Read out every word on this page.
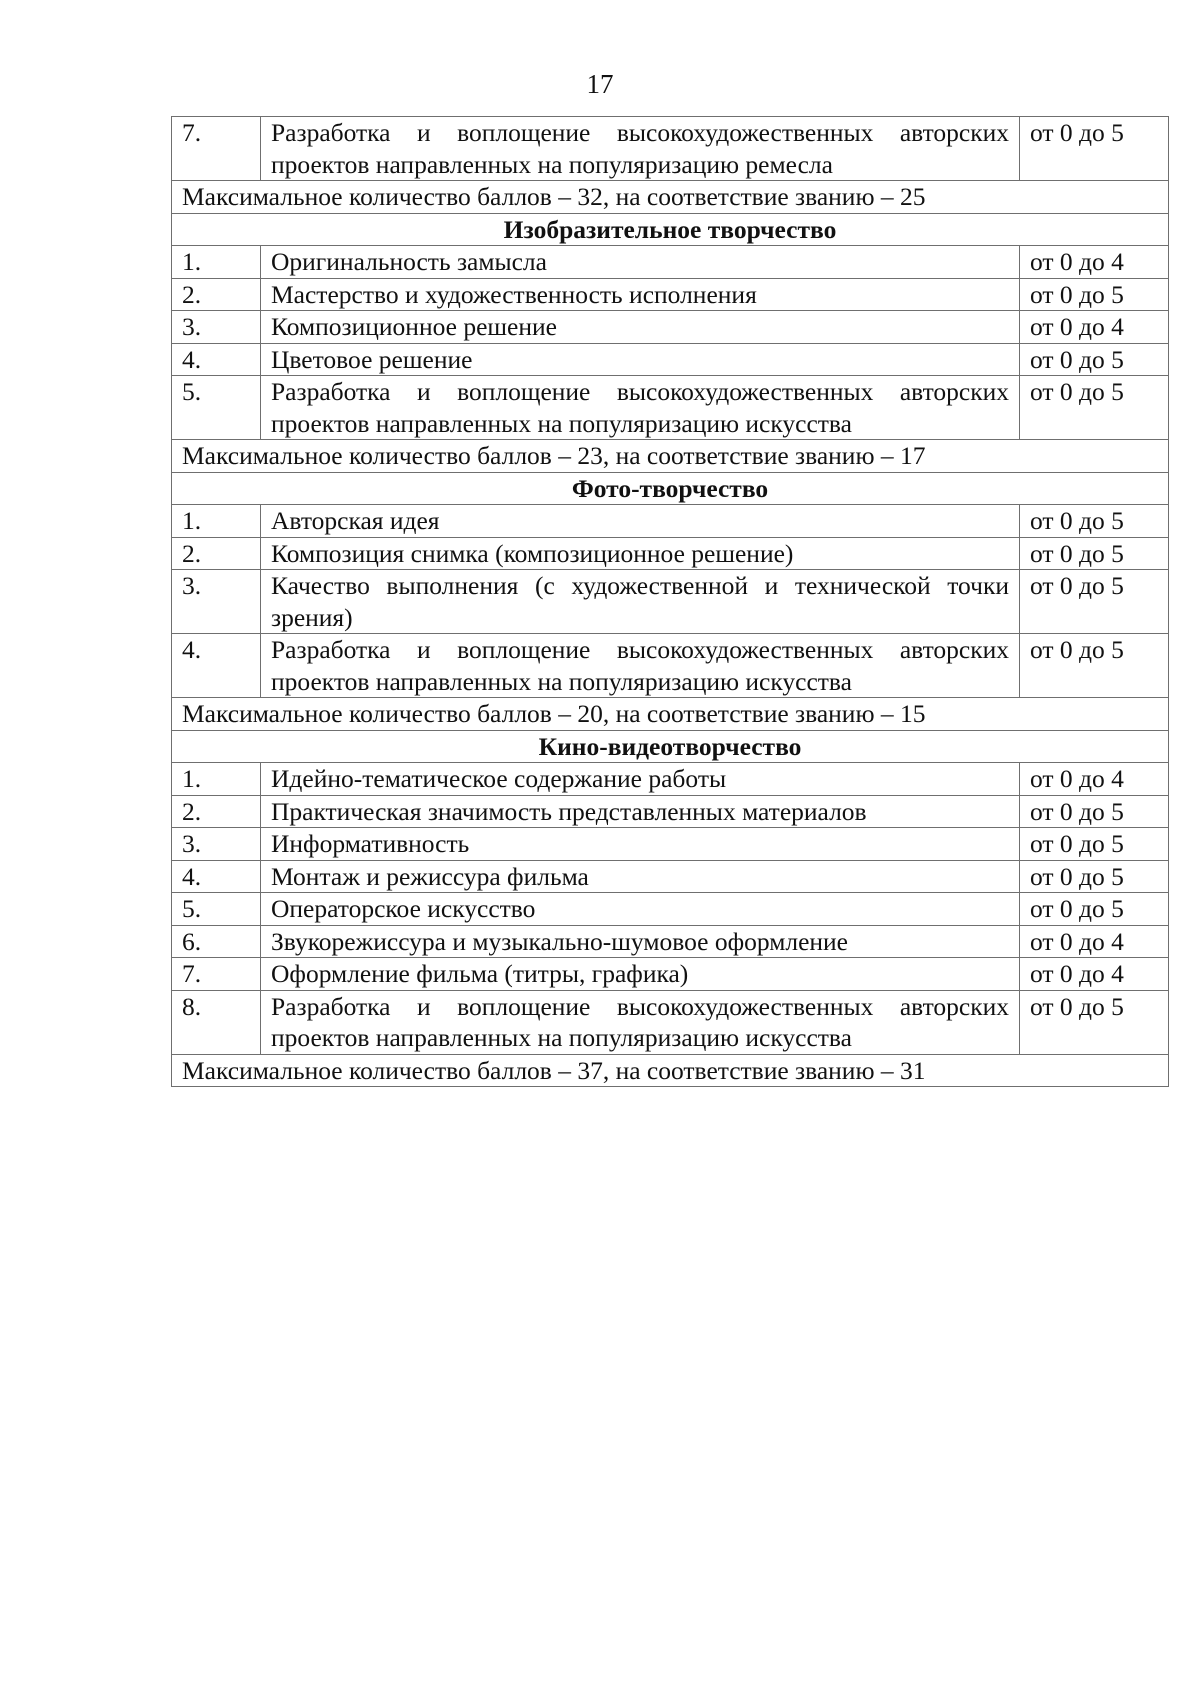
17
7.	Разработка и воплощение высокохудожественных авторских проектов направленных на популяризацию ремесла	от 0 до 5
Максимальное количество баллов – 32, на соответствие званию – 25		
Изобразительное творчество		
1.	Оригинальность замысла	от 0 до 4
2.	Мастерство и художественность исполнения	от 0 до 5
3.	Композиционное решение	от 0 до 4
4.	Цветовое решение	от 0 до 5
5.	Разработка и воплощение высокохудожественных авторских проектов направленных на популяризацию искусства	от 0 до 5
Максимальное количество баллов – 23, на соответствие званию – 17		
Фото-творчество		
1.	Авторская идея	от 0 до 5
2.	Композиция снимка (композиционное решение)	от 0 до 5
3.	Качество выполнения (с художественной и технической точки зрения)	от 0 до 5
4.	Разработка и воплощение высокохудожественных авторских проектов направленных на популяризацию искусства	от 0 до 5
Максимальное количество баллов – 20, на соответствие званию – 15		
Кино-видеотворчество		
1.	Идейно-тематическое содержание работы	от 0 до 4
2.	Практическая значимость представленных материалов	от 0 до 5
3.	Информативность	от 0 до 5
4.	Монтаж и режиссура фильма	от 0 до 5
5.	Операторское искусство	от 0 до 5
6.	Звукорежиссура и музыкально-шумовое оформление	от 0 до 4
7.	Оформление фильма (титры, графика)	от 0 до 4
8.	Разработка и воплощение высокохудожественных авторских проектов направленных на популяризацию искусства	от 0 до 5
Максимальное количество баллов – 37, на соответствие званию – 31		
